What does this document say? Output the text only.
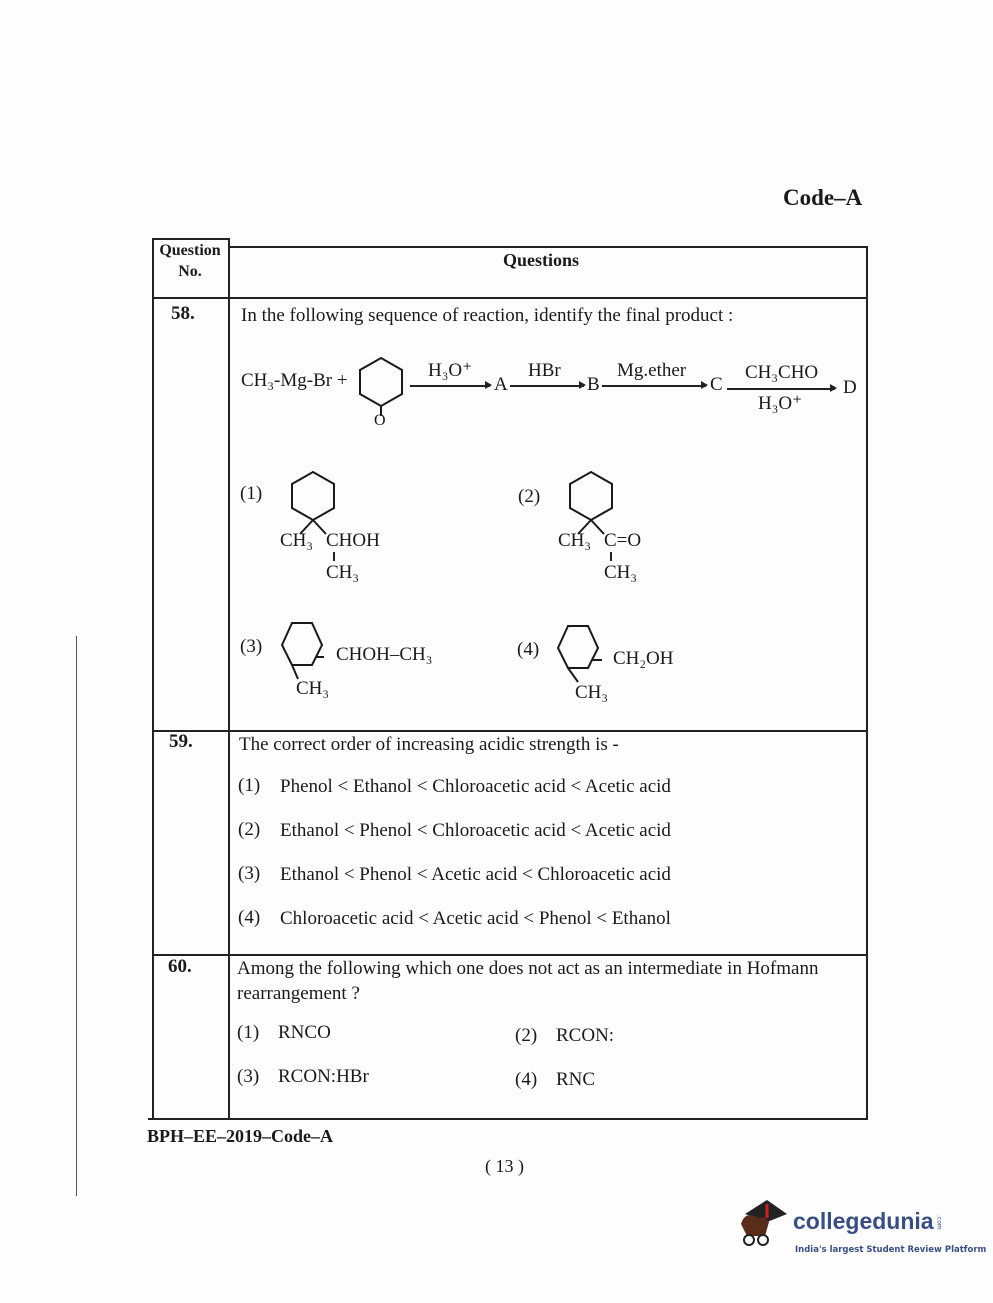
Code–A
Question No.
Questions
58. In the following sequence of reaction, identify the final product :
CH₃-Mg-Br +
O
H₃O⁺
A
HBr
B
Mg.ether
C
CH₃CHO
H₃O⁺
D
(1)
CH₃ CHOH
CH₃
(2)
CH₃ C=O
CH₃
(3)	CHOH–CH₃
CH₃
(4)	CH₂OH
CH₃
59. The correct order of increasing acidic strength is -
(1) Phenol < Ethanol < Chloroacetic acid < Acetic acid
(2) Ethanol < Phenol < Chloroacetic acid < Acetic acid
(3) Ethanol < Phenol < Acetic acid < Chloroacetic acid
(4) Chloroacetic acid < Acetic acid < Phenol < Ethanol
60. Among the following which one does not act as an intermediate in Hofmann
rearrangement ?
(1) RNCO	(2) RCON:
(3) RCON:HBr	(4) RNC
BPH–EE–2019–Code–A
( 13 )
collegedunia .com
India's largest Student Review Platform
